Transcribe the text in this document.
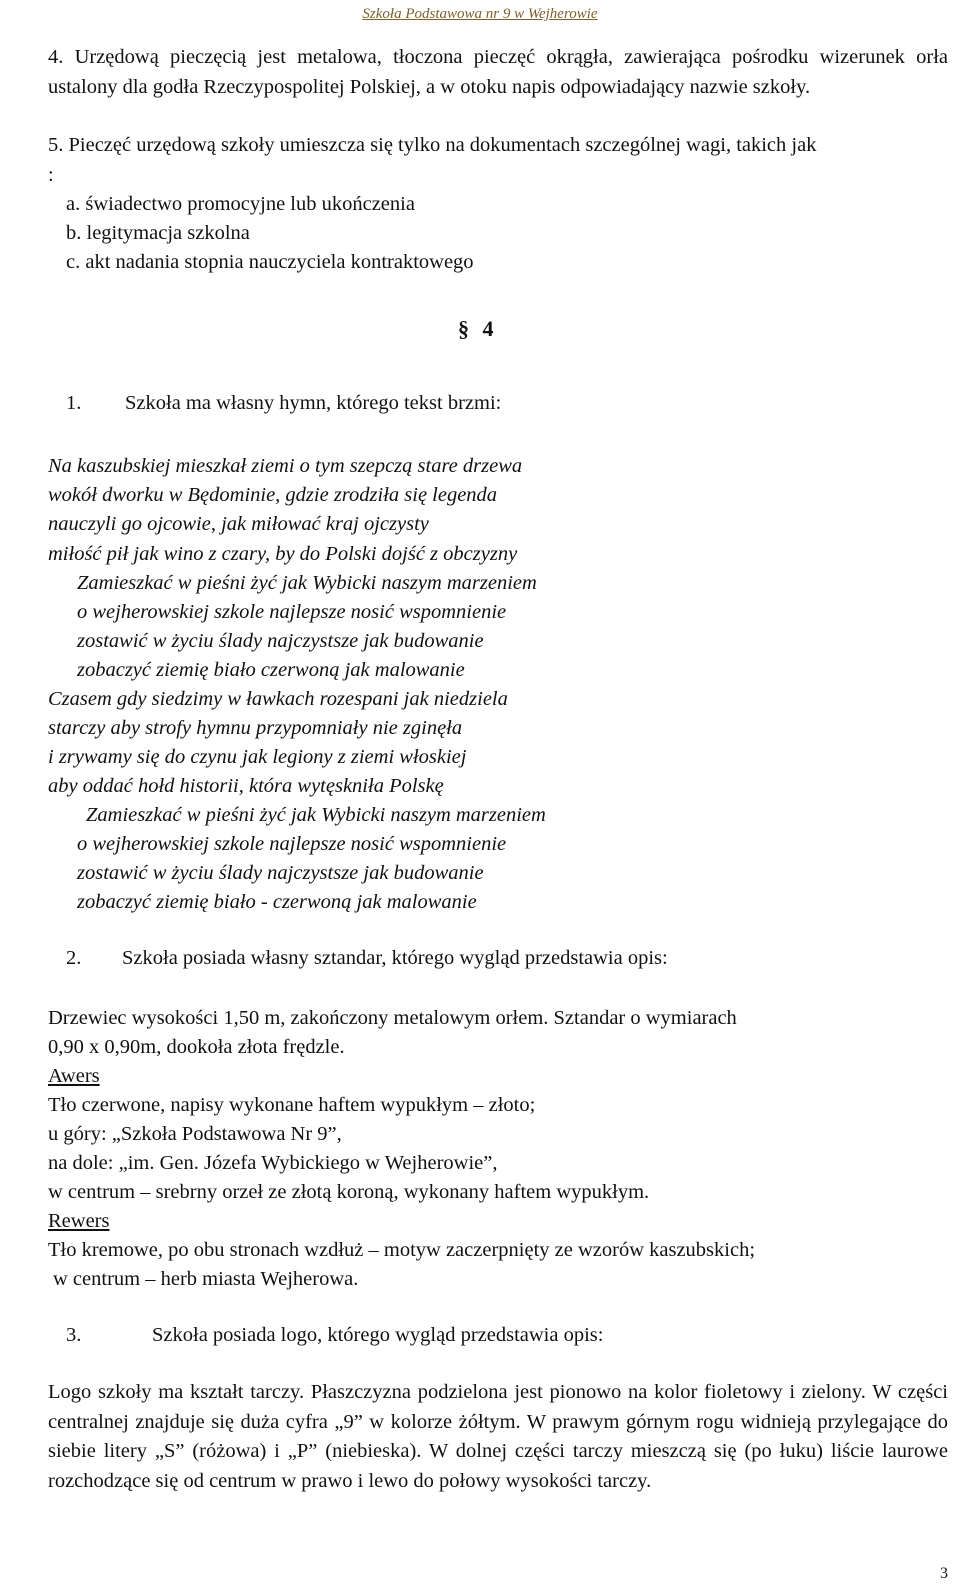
Szkoła Podstawowa nr 9 w Wejherowie
4. Urzędową pieczęcią jest metalowa, tłoczona pieczęć okrągła, zawierająca pośrodku wizerunek orła ustalony dla godła Rzeczypospolitej Polskiej, a w otoku napis odpowiadający nazwie szkoły.
5. Pieczęć urzędową szkoły umieszcza się tylko na dokumentach szczególnej wagi, takich jak
:
a. świadectwo promocyjne lub ukończenia
b. legitymacja szkolna
c. akt nadania stopnia nauczyciela kontraktowego
§ 4
1. Szkoła ma własny hymn, którego tekst brzmi:
Na kaszubskiej mieszkał ziemi o tym szepczą stare drzewa
wokół dworku w Będominie, gdzie zrodziła się legenda
nauczyli go ojcowie, jak miłować kraj ojczysty
miłość pił jak wino z czary, by do Polski dojść z obczyzny
Zamieszkać w pieśni żyć jak Wybicki naszym marzeniem
o wejherowskiej szkole najlepsze nosić wspomnienie
zostawić w życiu ślady najczystsze jak budowanie
zobaczyć ziemię biało czerwoną jak malowanie
Czasem gdy siedzimy w ławkach rozespani jak niedziela
starczy aby strofy hymnu przypomniały nie zginęła
i zrywamy się do czynu jak legiony z ziemi włoskiej
aby oddać hołd historii, która wytęskniła Polskę
Zamieszkać w pieśni żyć jak Wybicki naszym marzeniem
o wejherowskiej szkole najlepsze nosić wspomnienie
zostawić w życiu ślady najczystsze jak budowanie
zobaczyć ziemię biało - czerwoną jak malowanie
2. Szkoła posiada własny sztandar, którego wygląd przedstawia opis:
Drzewiec wysokości 1,50 m, zakończony metalowym orłem. Sztandar o wymiarach
0,90 x 0,90m, dookoła złota frędzle.
Awers
Tło czerwone, napisy wykonane haftem wypukłym – złoto;
u góry: „Szkoła Podstawowa Nr 9”,
na dole: „im. Gen. Józefa Wybickiego w Wejherowie”,
w centrum – srebrny orzeł ze złotą koroną, wykonany haftem wypukłym.
Rewers
Tło kremowe, po obu stronach wzdłuż – motyw zaczerpnięty ze wzorów kaszubskich;
w centrum – herb miasta Wejherowa.
3.	Szkoła posiada logo, którego wygląd przedstawia opis:
Logo szkoły ma kształt tarczy. Płaszczyzna podzielona jest pionowo na kolor fioletowy i zielony. W części centralnej znajduje się duża cyfra „9” w kolorze żółtym. W prawym górnym rogu widnieją przylegające do siebie litery „S” (różowa) i „P” (niebieska). W dolnej części tarczy mieszczą się (po łuku) liście laurowe rozchodzące się od centrum w prawo i lewo do połowy wysokości tarczy.
3
